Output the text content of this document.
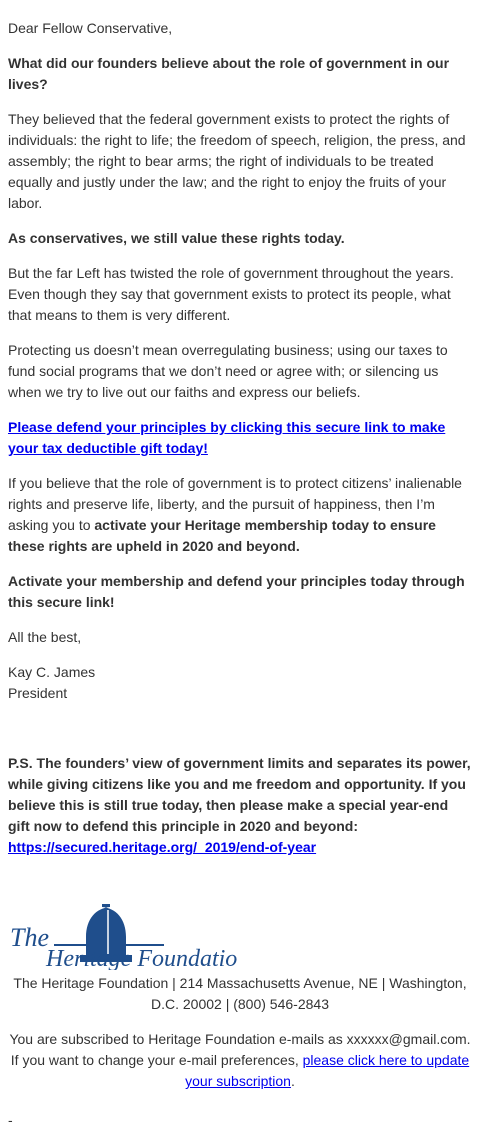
Dear Fellow Conservative,

What did our founders believe about the role of government in our lives?

They believed that the federal government exists to protect the rights of individuals: the right to life; the freedom of speech, religion, the press, and assembly; the right to bear arms; the right of individuals to be treated equally and justly under the law; and the right to enjoy the fruits of your labor.

As conservatives, we still value these rights today.

But the far Left has twisted the role of government throughout the years. Even though they say that government exists to protect its people, what that means to them is very different.

Protecting us doesn’t mean overregulating business; using our taxes to fund social programs that we don’t need or agree with; or silencing us when we try to live out our faiths and express our beliefs.

Please defend your principles by clicking this secure link to make your tax deductible gift today!

If you believe that the role of government is to protect citizens’ inalienable rights and preserve life, liberty, and the pursuit of happiness, then I’m asking you to activate your Heritage membership today to ensure these rights are upheld in 2020 and beyond.

Activate your membership and defend your principles today through this secure link!

All the best,

Kay C. James
President
P.S. The founders’ view of government limits and separates its power, while giving citizens like you and me freedom and opportunity. If you believe this is still true today, then please make a special year-end gift now to defend this principle in 2020 and beyond:
https://secured.heritage.org/_2019/end-of-year
The
Heritage Foundation

The Heritage Foundation | 214 Massachusetts Avenue, NE | Washington, D.C. 20002 | (800) 546-2843

You are subscribed to Heritage Foundation e-mails as xxxxxx@gmail.com. If you want to change your e-mail preferences, please click here to update your subscription.

-
